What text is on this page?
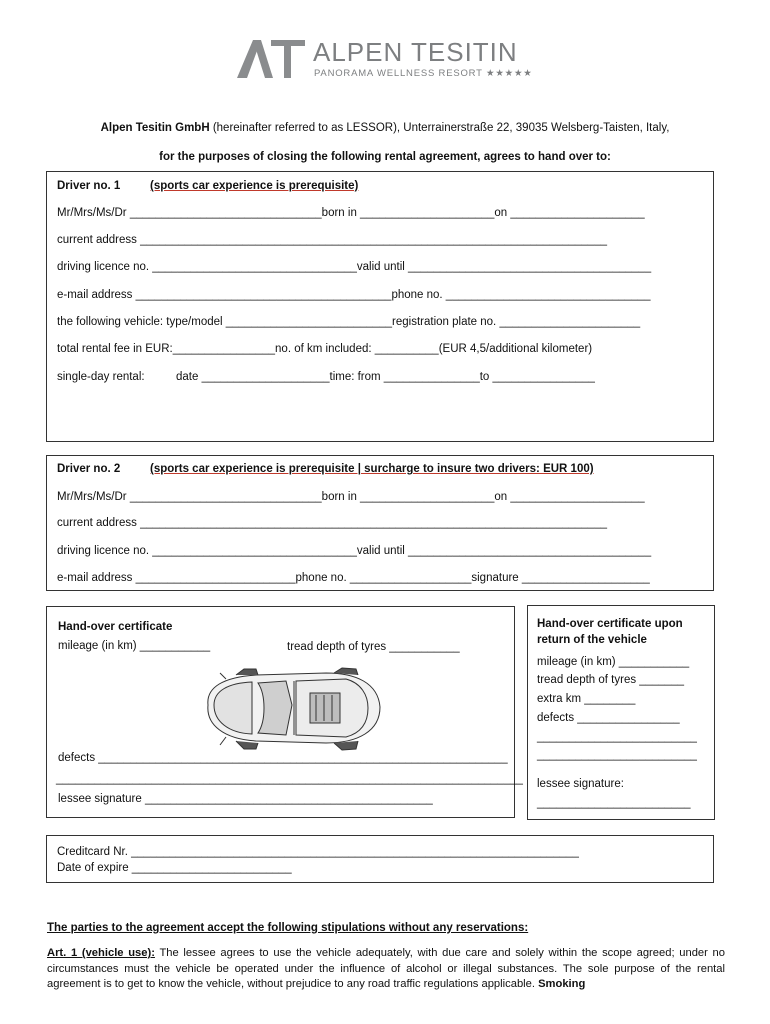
ALPEN TESITIN
PANORAMA WELLNESS RESORT ★★★★★
Alpen Tesitin GmbH (hereinafter referred to as LESSOR), Unterrainerstraße 22, 39035 Welsberg-Taisten, Italy,
for the purposes of closing the following rental agreement, agrees to hand over to:
Driver no. 1	(sports car experience is prerequisite)
Mr/Mrs/Ms/Dr ______________________________born in _____________________on _____________________
current address _________________________________________________________________________
driving licence no. ________________________________valid until ______________________________________
e-mail address ________________________________________phone no. ________________________________
the following vehicle: type/model __________________________registration plate no. ______________________
total rental fee in EUR:________________no. of km included: __________(EUR 4,5/additional kilometer)
single-day rental:	date ____________________time: from _______________to ________________
Driver no. 2	(sports car experience is prerequisite | surcharge to insure two drivers: EUR 100)
Mr/Mrs/Ms/Dr ______________________________born in _____________________on _____________________
current address _________________________________________________________________________
driving licence no. ________________________________valid until ______________________________________
e-mail address _________________________phone no. ___________________signature ____________________
Hand-over certificate
mileage (in km) ___________	tread depth of tyres ___________
defects ________________________________________________________________
_________________________________________________________________________
lessee signature _____________________________________________
Hand-over certificate upon
return of the vehicle
mileage (in km) ___________
tread depth of tyres _______
extra km ________
defects ________________
_________________________
_________________________
lessee signature:
________________________
Creditcard Nr. ______________________________________________________________________
Date of expire _________________________
The parties to the agreement accept the following stipulations without any reservations:
Art. 1 (vehicle use): The lessee agrees to use the vehicle adequately, with due care and solely within the scope agreed; under no circumstances must the vehicle be operated under the influence of alcohol or illegal substances. The sole purpose of the rental agreement is to get to know the vehicle, without prejudice to any road traffic regulations applicable. Smoking
